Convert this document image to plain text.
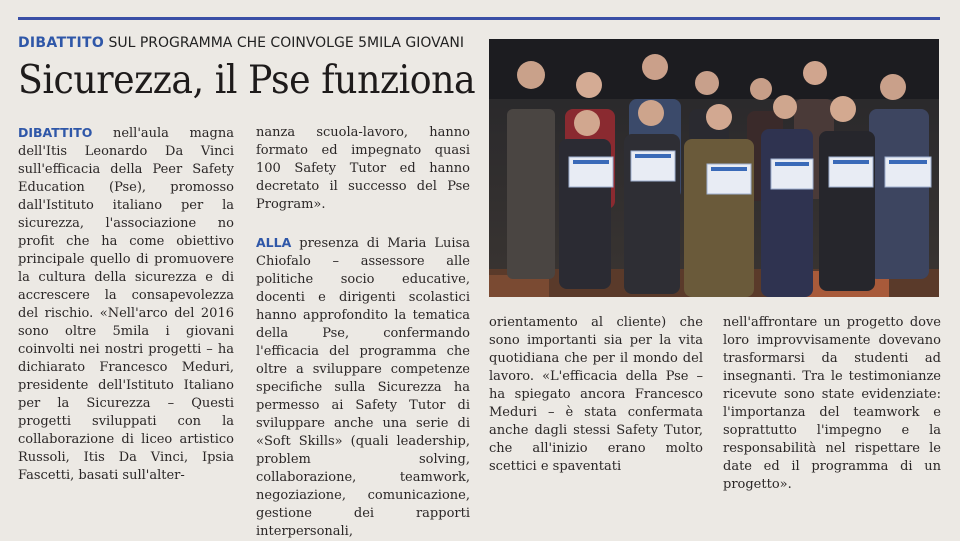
DIBATTITO SUL PROGRAMMA CHE COINVOLGE 5MILA GIOVANI
Sicurezza, il Pse funziona

DIBATTITO nell'aula magna dell'Itis Leonardo Da Vinci sull'efficacia della Peer Safety Education (Pse), promosso dall'Istituto italiano per la sicurezza, l'associazione no profit che ha come obiettivo principale quello di promuovere la cultura della sicurezza e di accrescere la consapevolezza del rischio. «Nell'arco del 2016 sono oltre 5mila i giovani coinvolti nei nostri progetti – ha dichiarato Francesco Meduri, presidente dell'Istituto Italiano per la Sicurezza – Questi progetti sviluppati con la collaborazione di liceo artistico Russoli, Itis Da Vinci, Ipsia Fascetti, basati sull'alter-

nanza scuola-lavoro, hanno formato ed impegnato quasi 100 Safety Tutor ed hanno decretato il successo del Pse Program».

ALLA presenza di Maria Luisa Chiofalo – assessore alle politiche socio educative, docenti e dirigenti scolastici hanno approfondito la tematica della Pse, confermando l'efficacia del programma che oltre a sviluppare competenze specifiche sulla Sicurezza ha permesso ai Safety Tutor di sviluppare anche una serie di «Soft Skills» (quali leadership, problem solving, collaborazione, teamwork, negoziazione, comunicazione, gestione dei rapporti interpersonali,

orientamento al cliente) che sono importanti sia per la vita quotidiana che per il mondo del lavoro. «L'efficacia della Pse – ha spiegato ancora Francesco Meduri – è stata confermata anche dagli stessi Safety Tutor, che all'inizio erano molto scettici e spaventati

nell'affrontare un progetto dove loro improvvisamente dovevano trasformarsi da studenti ad insegnanti. Tra le testimonianze ricevute sono state evidenziate: l'importanza del teamwork e soprattutto l'impegno e la responsabilità nel rispettare le date ed il programma di un progetto».
